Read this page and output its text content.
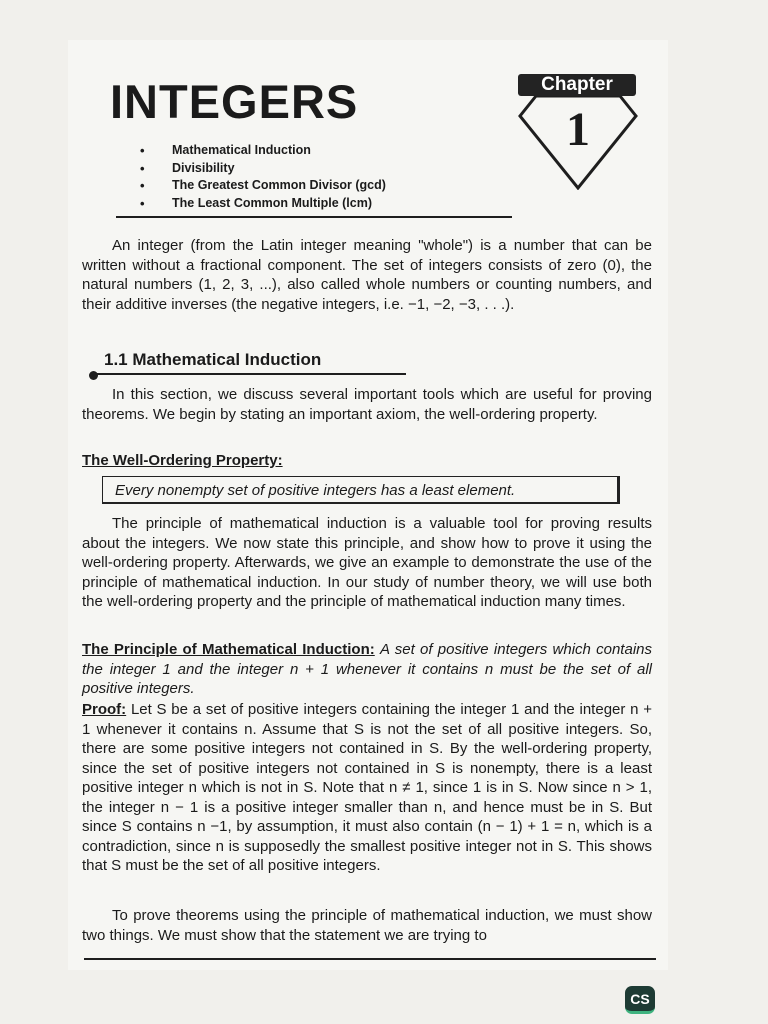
INTEGERS	Chapter
1
• Mathematical Induction
• Divisibility
• The Greatest Common Divisor (gcd)
• The Least Common Multiple (lcm)

An integer (from the Latin integer meaning "whole") is a number that can be written without a fractional component. The set of integers consists of zero (0), the natural numbers (1, 2, 3, ...), also called whole numbers or counting numbers, and their additive inverses (the negative integers, i.e. −1, −2, −3, . . .).

1.1 Mathematical Induction

In this section, we discuss several important tools which are useful for proving theorems. We begin by stating an important axiom, the well-ordering property.

The Well-Ordering Property:

Every nonempty set of positive integers has a least element.

The principle of mathematical induction is a valuable tool for proving results about the integers. We now state this principle, and show how to prove it using the well-ordering property. Afterwards, we give an example to demonstrate the use of the principle of mathematical induction. In our study of number theory, we will use both the well-ordering property and the principle of mathematical induction many times.

The Principle of Mathematical Induction: A set of positive integers which contains the integer 1 and the integer n + 1 whenever it contains n must be the set of all positive integers.

Proof: Let S be a set of positive integers containing the integer 1 and the integer n + 1 whenever it contains n. Assume that S is not the set of all positive integers. So, there are some positive integers not contained in S. By the well-ordering property, since the set of positive integers not contained in S is nonempty, there is a least positive integer n which is not in S. Note that n ≠ 1, since 1 is in S. Now since n > 1, the integer n − 1 is a positive integer smaller than n, and hence must be in S. But since S contains n −1, by assumption, it must also contain (n − 1) + 1 = n, which is a contradiction, since n is supposedly the smallest positive integer not in S. This shows that S must be the set of all positive integers.

To prove theorems using the principle of mathematical induction, we must show two things. We must show that the statement we are trying to

CS
